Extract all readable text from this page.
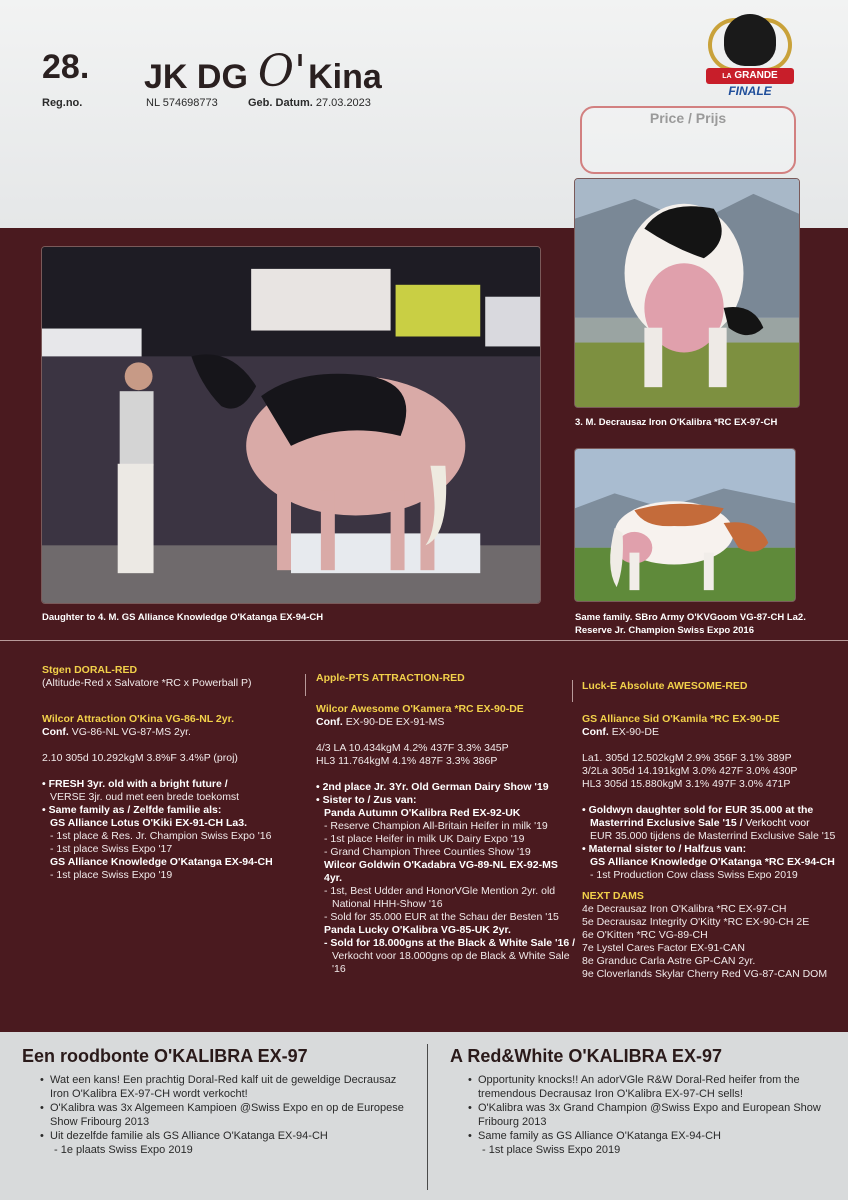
28. JK DG O' Kina
Reg.no.	NL 574698773	Geb. Datum. 27.03.2023
LA GRANDE
FINALE
Price / Prijs
Daughter to 4. M. GS Alliance Knowledge O'Katanga EX-94-CH
3. M. Decrausaz Iron O'Kalibra *RC EX-97-CH
Same family. SBro Army O'KVGoom VG-87-CH La2.
Reserve Jr. Champion Swiss Expo 2016
Stgen DORAL-RED
(Altitude-Red x Salvatore *RC x Powerball P)
Wilcor Attraction O'Kina VG-86-NL 2yr.
Conf. VG-86-NL VG-87-MS 2yr.
2.10 305d 10.292kgM 3.8%F 3.4%P (proj)
• FRESH 3yr. old with a bright future /
VERSE 3jr. oud met een brede toekomst
• Same family as / Zelfde familie als:
GS Alliance Lotus O'Kiki EX-91-CH La3.
- 1st place & Res. Jr. Champion Swiss Expo '16
- 1st place Swiss Expo '17
GS Alliance Knowledge O'Katanga EX-94-CH
- 1st place Swiss Expo '19
Apple-PTS ATTRACTION-RED
Wilcor Awesome O'Kamera *RC EX-90-DE
Conf. EX-90-DE EX-91-MS
4/3 LA 10.434kgM 4.2% 437F 3.3% 345P
HL3 11.764kgM 4.1% 487F 3.3% 386P
• 2nd place Jr. 3Yr. Old German Dairy Show '19
• Sister to / Zus van:
Panda Autumn O'Kalibra Red EX-92-UK
- Reserve Champion All-Britain Heifer in milk '19
- 1st place Heifer in milk UK Dairy Expo '19
- Grand Champion Three Counties Show '19
Wilcor Goldwin O'Kadabra VG-89-NL EX-92-MS 4yr.
- 1st, Best Udder and HonorVGle Mention 2yr. old
National HHH-Show '16
- Sold for 35.000 EUR at the Schau der Besten '15
Panda Lucky O'Kalibra VG-85-UK 2yr.
- Sold for 18.000gns at the Black & White Sale '16 /
Verkocht voor 18.000gns op de Black & White Sale '16
Luck-E Absolute AWESOME-RED
GS Alliance Sid O'Kamila *RC EX-90-DE
Conf. EX-90-DE
La1. 305d 12.502kgM 2.9% 356F 3.1% 389P
3/2La 305d 14.191kgM 3.0% 427F 3.0% 430P
HL3 305d 15.880kgM 3.1% 497F 3.0% 471P
• Goldwyn daughter sold for EUR 35.000 at the
Masterrind Exclusive Sale '15 / Verkocht voor
EUR 35.000 tijdens de Masterrind Exclusive Sale '15
• Maternal sister to / Halfzus van:
GS Alliance Knowledge O'Katanga *RC EX-94-CH
- 1st Production Cow class Swiss Expo 2019
NEXT DAMS
4e Decrausaz Iron O'Kalibra *RC EX-97-CH
5e Decrausaz Integrity O'Kitty *RC EX-90-CH 2E
6e O'Kitten *RC VG-89-CH
7e Lystel Cares Factor EX-91-CAN
8e Granduc Carla Astre GP-CAN 2yr.
9e Cloverlands Skylar Cherry Red VG-87-CAN DOM
Een roodbonte O'KALIBRA EX-97
• Wat een kans! Een prachtig Doral-Red kalf uit de geweldige Decrausaz Iron O'Kalibra EX-97-CH wordt verkocht!
• O'Kalibra was 3x Algemeen Kampioen @Swiss Expo en op de Europese Show Fribourg 2013
• Uit dezelfde familie als GS Alliance O'Katanga EX-94-CH
- 1e plaats Swiss Expo 2019
A Red&White O'KALIBRA EX-97
• Opportunity knocks!! An adorVGle R&W Doral-Red heifer from the tremendous Decrausaz Iron O'Kalibra EX-97-CH sells!
• O'Kalibra was 3x Grand Champion @Swiss Expo and European Show Fribourg 2013
• Same family as GS Alliance O'Katanga EX-94-CH
- 1st place Swiss Expo 2019
